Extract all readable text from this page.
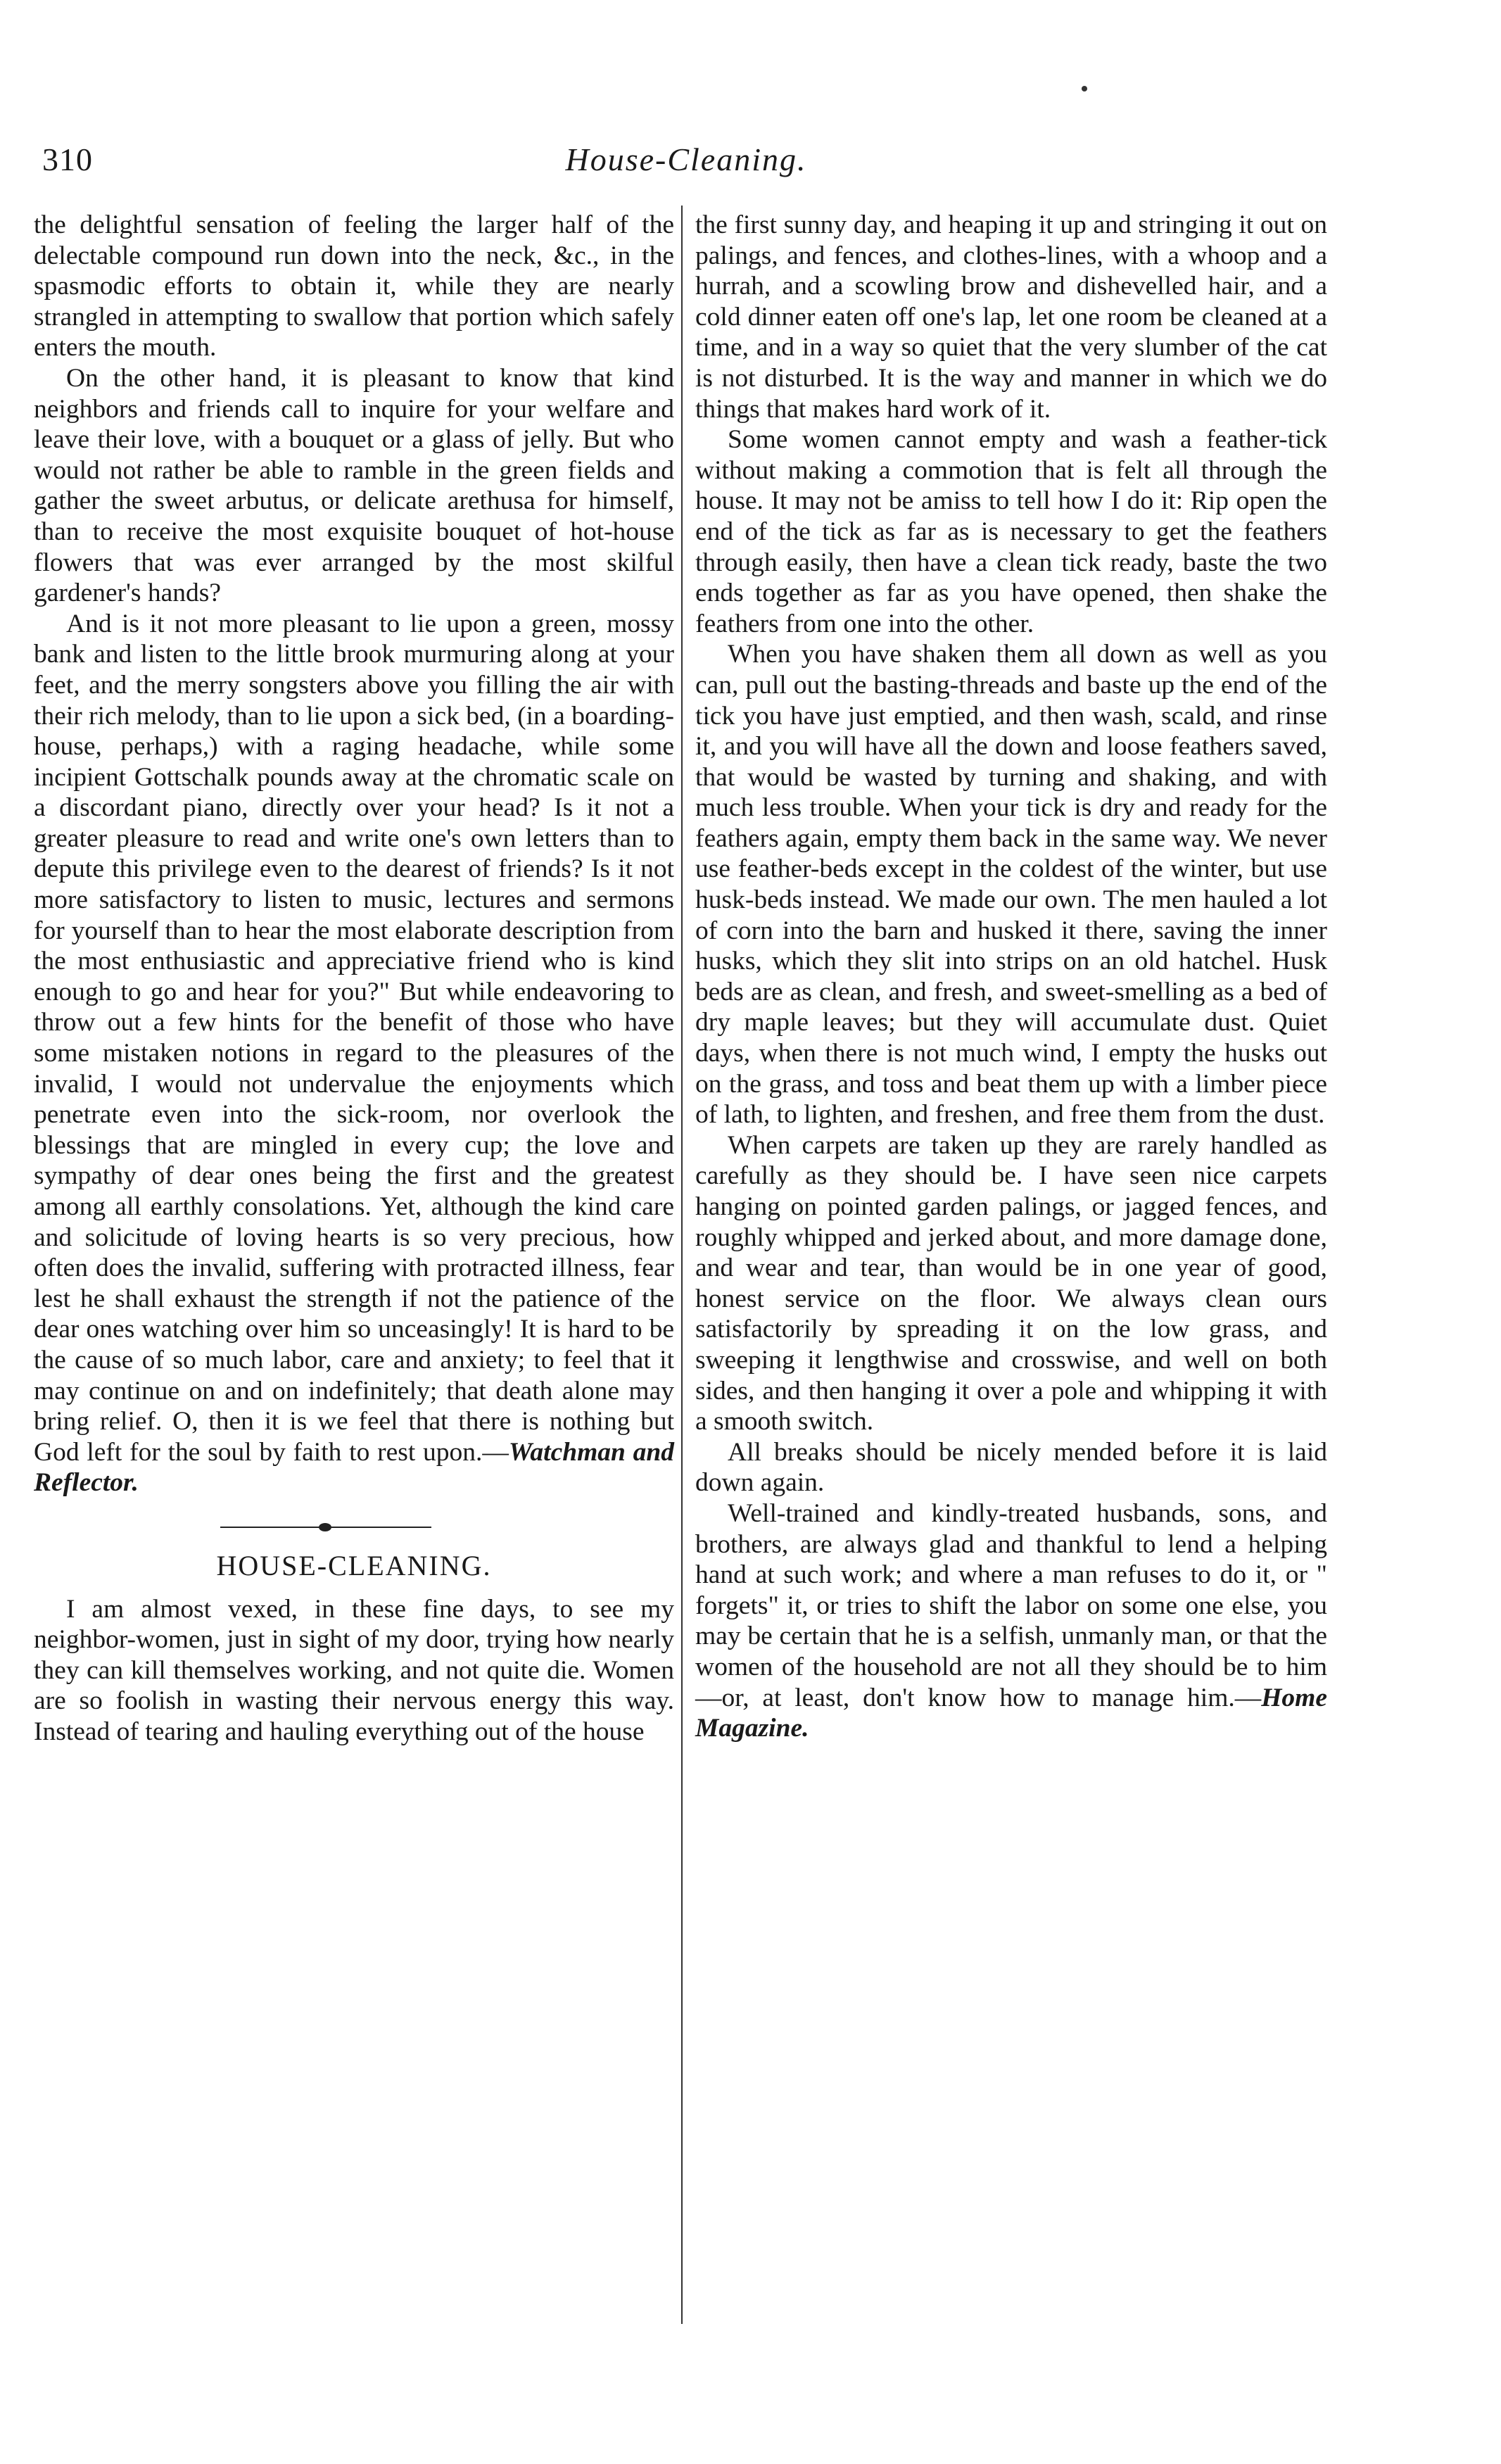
310	House-Cleaning.

the delightful sensation of feeling the larger half of the delectable compound run down into the neck, &c., in the spasmodic efforts to obtain it, while they are nearly strangled in attempting to swallow that portion which safely enters the mouth.

On the other hand, it is pleasant to know that kind neighbors and friends call to inquire for your welfare and leave their love, with a bouquet or a glass of jelly. But who would not rather be able to ramble in the green fields and gather the sweet arbutus, or delicate arethusa for himself, than to receive the most exquisite bouquet of hot-house flowers that was ever arranged by the most skilful gardener's hands?

And is it not more pleasant to lie upon a green, mossy bank and listen to the little brook murmuring along at your feet, and the merry songsters above you filling the air with their rich melody, than to lie upon a sick bed, (in a boarding-house, perhaps,) with a raging headache, while some incipient Gottschalk pounds away at the chromatic scale on a discordant piano, directly over your head? Is it not a greater pleasure to read and write one's own letters than to depute this privilege even to the dearest of friends? Is it not more satisfactory to listen to music, lectures and sermons for yourself than to hear the most elaborate description from the most enthusiastic and appreciative friend who is kind enough to go and hear for you?" But while endeavoring to throw out a few hints for the benefit of those who have some mistaken notions in regard to the pleasures of the invalid, I would not undervalue the enjoyments which penetrate even into the sick-room, nor overlook the blessings that are mingled in every cup; the love and sympathy of dear ones being the first and the greatest among all earthly consolations. Yet, although the kind care and solicitude of loving hearts is so very precious, how often does the invalid, suffering with protracted illness, fear lest he shall exhaust the strength if not the patience of the dear ones watching over him so unceasingly! It is hard to be the cause of so much labor, care and anxiety; to feel that it may continue on and on indefinitely; that death alone may bring relief. O, then it is we feel that there is nothing but God left for the soul by faith to rest upon.—Watchman and Reflector.

HOUSE-CLEANING.

I am almost vexed, in these fine days, to see my neighbor-women, just in sight of my door, trying how nearly they can kill themselves working, and not quite die. Women are so foolish in wasting their nervous energy this way. Instead of tearing and hauling everything out of the house

the first sunny day, and heaping it up and stringing it out on palings, and fences, and clothes-lines, with a whoop and a hurrah, and a scowling brow and dishevelled hair, and a cold dinner eaten off one's lap, let one room be cleaned at a time, and in a way so quiet that the very slumber of the cat is not disturbed. It is the way and manner in which we do things that makes hard work of it.

Some women cannot empty and wash a feather-tick without making a commotion that is felt all through the house. It may not be amiss to tell how I do it: Rip open the end of the tick as far as is necessary to get the feathers through easily, then have a clean tick ready, baste the two ends together as far as you have opened, then shake the feathers from one into the other.

When you have shaken them all down as well as you can, pull out the basting-threads and baste up the end of the tick you have just emptied, and then wash, scald, and rinse it, and you will have all the down and loose feathers saved, that would be wasted by turning and shaking, and with much less trouble. When your tick is dry and ready for the feathers again, empty them back in the same way. We never use feather-beds except in the coldest of the winter, but use husk-beds instead. We made our own. The men hauled a lot of corn into the barn and husked it there, saving the inner husks, which they slit into strips on an old hatchel. Husk beds are as clean, and fresh, and sweet-smelling as a bed of dry maple leaves; but they will accumulate dust. Quiet days, when there is not much wind, I empty the husks out on the grass, and toss and beat them up with a limber piece of lath, to lighten, and freshen, and free them from the dust.

When carpets are taken up they are rarely handled as carefully as they should be. I have seen nice carpets hanging on pointed garden palings, or jagged fences, and roughly whipped and jerked about, and more damage done, and wear and tear, than would be in one year of good, honest service on the floor. We always clean ours satisfactorily by spreading it on the low grass, and sweeping it lengthwise and crosswise, and well on both sides, and then hanging it over a pole and whipping it with a smooth switch.

All breaks should be nicely mended before it is laid down again.

Well-trained and kindly-treated husbands, sons, and brothers, are always glad and thankful to lend a helping hand at such work; and where a man refuses to do it, or " forgets" it, or tries to shift the labor on some one else, you may be certain that he is a selfish, unmanly man, or that the women of the household are not all they should be to him—or, at least, don't know how to manage him.—Home Magazine.
